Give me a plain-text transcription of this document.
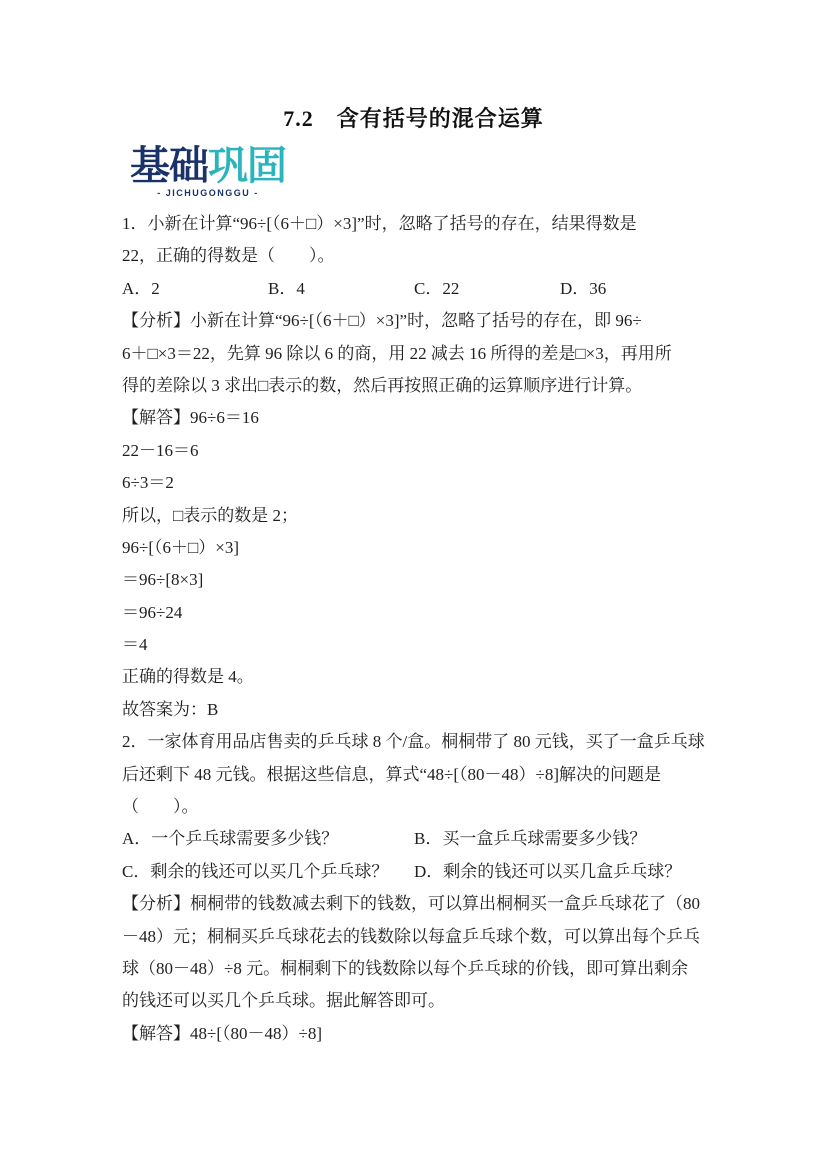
7.2　含有括号的混合运算
基础巩固
- JICHUGONGGU -
1．小新在计算“96÷[（6＋□）×3]”时，忽略了括号的存在，结果得数是
22，正确的得数是（　　）。
A．2	B．4	C．22	D．36
【分析】小新在计算“96÷[（6＋□）×3]”时，忽略了括号的存在，即 96÷
6＋□×3＝22，先算 96 除以 6 的商，用 22 减去 16 所得的差是□×3，再用所
得的差除以 3 求出□表示的数，然后再按照正确的运算顺序进行计算。
【解答】96÷6＝16
22－16＝6
6÷3＝2
所以，□表示的数是 2；
96÷[（6＋□）×3]
＝96÷[8×3]
＝96÷24
＝4
正确的得数是 4。
故答案为：B
2．一家体育用品店售卖的乒乓球 8 个/盒。桐桐带了 80 元钱，买了一盒乒乓球
后还剩下 48 元钱。根据这些信息，算式“48÷[（80－48）÷8]解决的问题是
（　　）。
A．一个乒乓球需要多少钱？	B．买一盒乒乓球需要多少钱？
C．剩余的钱还可以买几个乒乓球？	D．剩余的钱还可以买几盒乒乓球？
【分析】桐桐带的钱数减去剩下的钱数，可以算出桐桐买一盒乒乓球花了（80
－48）元；桐桐买乒乓球花去的钱数除以每盒乒乓球个数，可以算出每个乒乓
球（80－48）÷8 元。桐桐剩下的钱数除以每个乒乓球的价钱，即可算出剩余
的钱还可以买几个乒乓球。据此解答即可。
【解答】48÷[（80－48）÷8]
